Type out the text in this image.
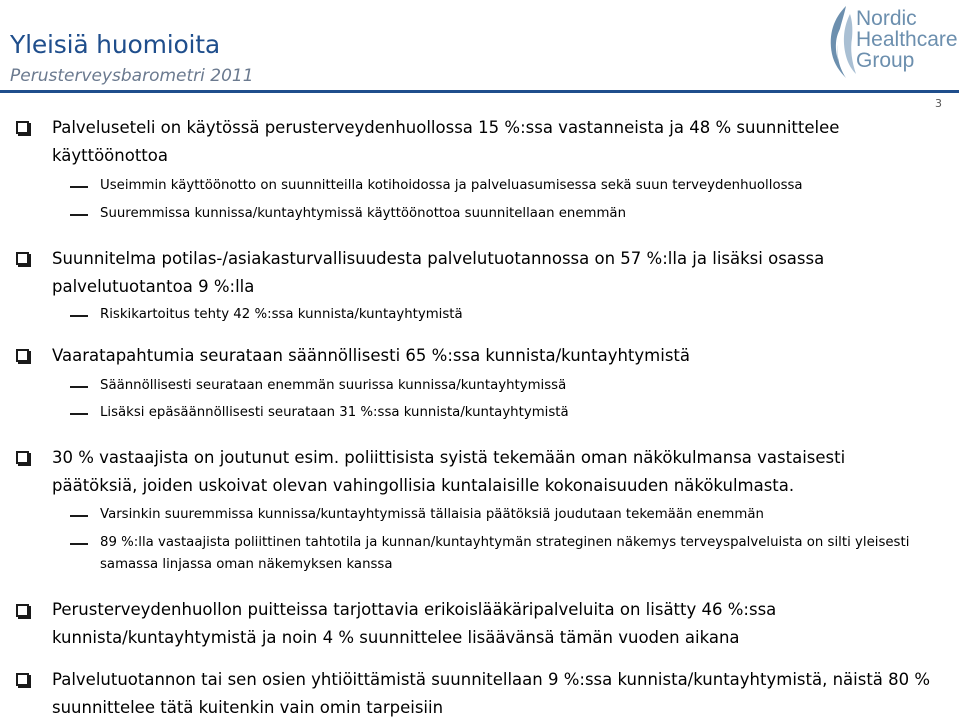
Yleisiä huomioita
Perusterveysbarometri 2011
Nordic
Healthcare
Group
3
Palveluseteli on käytössä perusterveydenhuollossa 15 %:ssa vastanneista ja 48 % suunnittelee käyttöönottoa
Useimmin käyttöönotto on suunnitteilla kotihoidossa ja palveluasumisessa sekä suun terveydenhuollossa
Suuremmissa kunnissa/kuntayhtymissä käyttöönottoa suunnitellaan enemmän
Suunnitelma potilas-/asiakasturvallisuudesta palvelutuotannossa on 57 %:lla ja lisäksi osassa palvelutuotantoa 9 %:lla
Riskikartoitus tehty 42 %:ssa kunnista/kuntayhtymistä
Vaaratapahtumia seurataan säännöllisesti 65 %:ssa kunnista/kuntayhtymistä
Säännöllisesti seurataan enemmän suurissa kunnissa/kuntayhtymissä
Lisäksi epäsäännöllisesti seurataan 31 %:ssa kunnista/kuntayhtymistä
30 % vastaajista on joutunut esim. poliittisista syistä tekemään oman näkökulmansa vastaisesti päätöksiä, joiden uskoivat olevan vahingollisia kuntalaisille kokonaisuuden näkökulmasta.
Varsinkin suuremmissa kunnissa/kuntayhtymissä tällaisia päätöksiä joudutaan tekemään enemmän
89 %:lla vastaajista poliittinen tahtotila ja kunnan/kuntayhtymän strateginen näkemys terveyspalveluista on silti yleisesti samassa linjassa oman näkemyksen kanssa
Perusterveydenhuollon puitteissa tarjottavia erikoislääkäripalveluita on lisätty 46 %:ssa kunnista/kuntayhtymistä ja noin 4 % suunnittelee lisäävänsä tämän vuoden aikana
Palvelutuotannon tai sen osien yhtiöittämistä suunnitellaan 9 %:ssa kunnista/kuntayhtymistä, näistä 80 % suunnittelee tätä kuitenkin vain omin tarpeisiin
